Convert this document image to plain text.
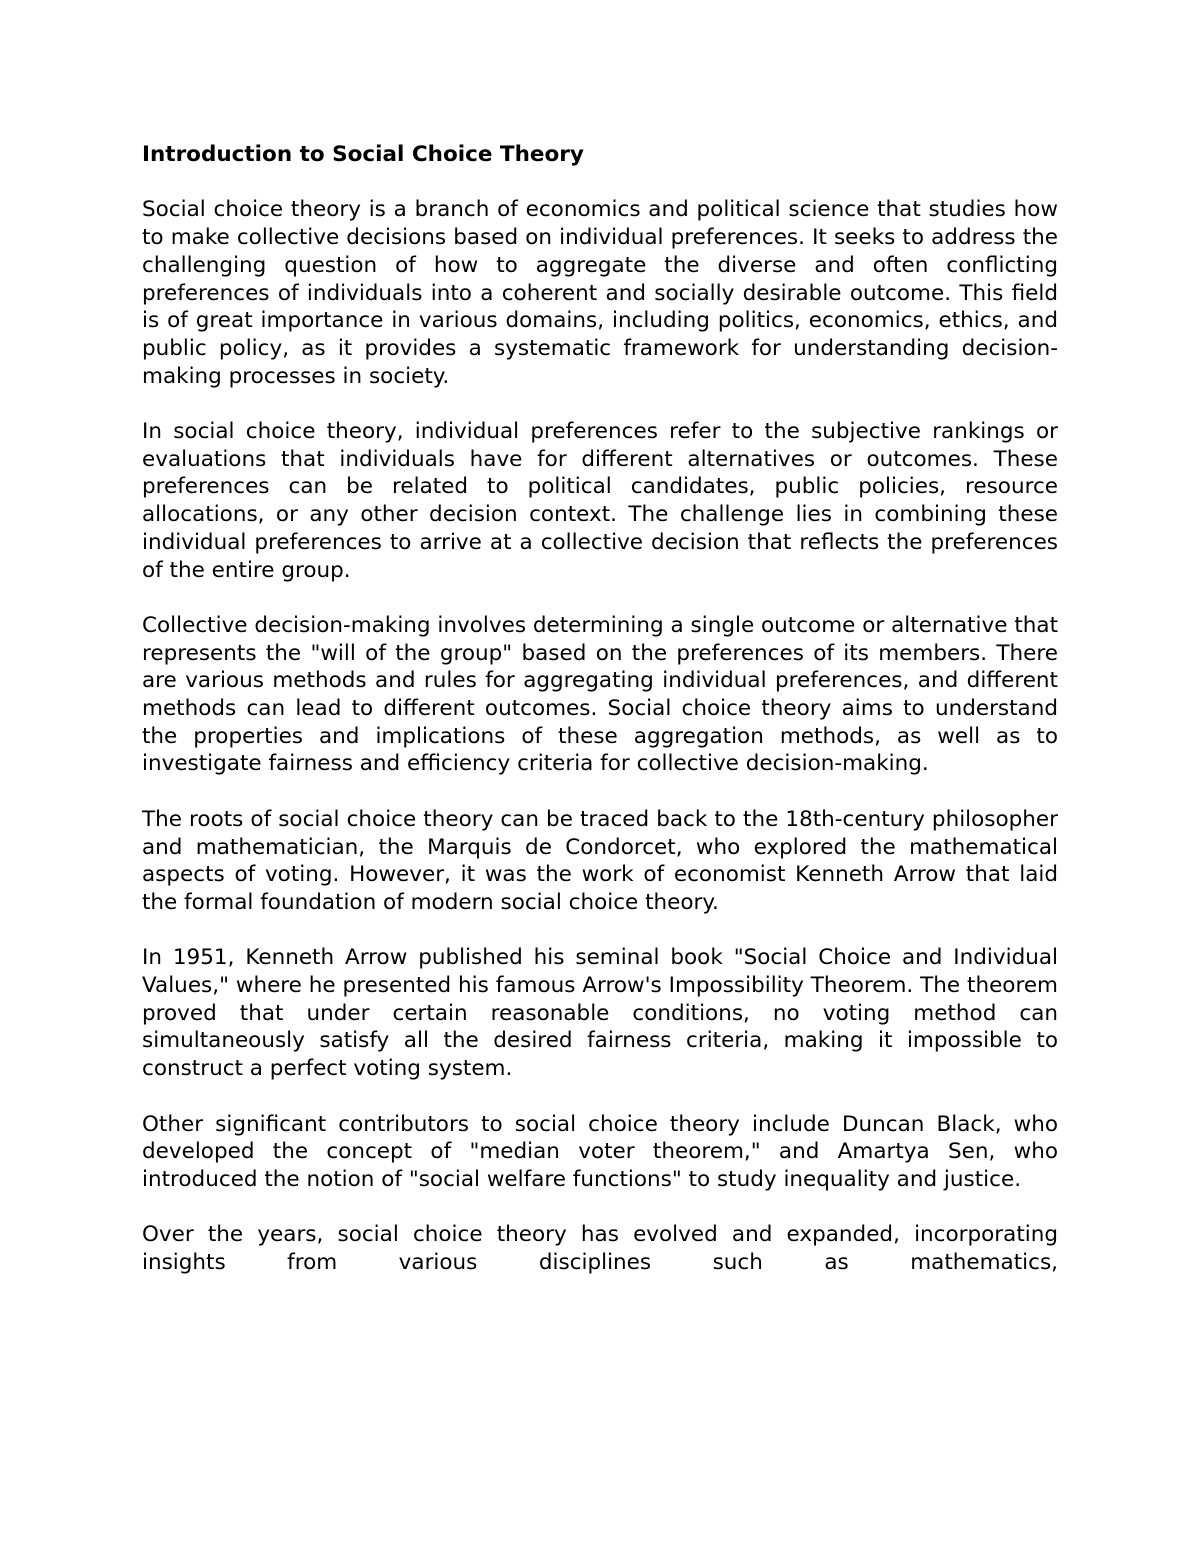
Introduction to Social Choice Theory

Social choice theory is a branch of economics and political science that studies how to make collective decisions based on individual preferences. It seeks to address the challenging question of how to aggregate the diverse and often conflicting preferences of individuals into a coherent and socially desirable outcome. This field is of great importance in various domains, including politics, economics, ethics, and public policy, as it provides a systematic framework for understanding decision-making processes in society.

In social choice theory, individual preferences refer to the subjective rankings or evaluations that individuals have for different alternatives or outcomes. These preferences can be related to political candidates, public policies, resource allocations, or any other decision context. The challenge lies in combining these individual preferences to arrive at a collective decision that reflects the preferences of the entire group.

Collective decision-making involves determining a single outcome or alternative that represents the "will of the group" based on the preferences of its members. There are various methods and rules for aggregating individual preferences, and different methods can lead to different outcomes. Social choice theory aims to understand the properties and implications of these aggregation methods, as well as to investigate fairness and efficiency criteria for collective decision-making.

The roots of social choice theory can be traced back to the 18th-century philosopher and mathematician, the Marquis de Condorcet, who explored the mathematical aspects of voting. However, it was the work of economist Kenneth Arrow that laid the formal foundation of modern social choice theory.

In 1951, Kenneth Arrow published his seminal book "Social Choice and Individual Values," where he presented his famous Arrow's Impossibility Theorem. The theorem proved that under certain reasonable conditions, no voting method can simultaneously satisfy all the desired fairness criteria, making it impossible to construct a perfect voting system.

Other significant contributors to social choice theory include Duncan Black, who developed the concept of "median voter theorem," and Amartya Sen, who introduced the notion of "social welfare functions" to study inequality and justice.

Over the years, social choice theory has evolved and expanded, incorporating insights from various disciplines such as mathematics,
